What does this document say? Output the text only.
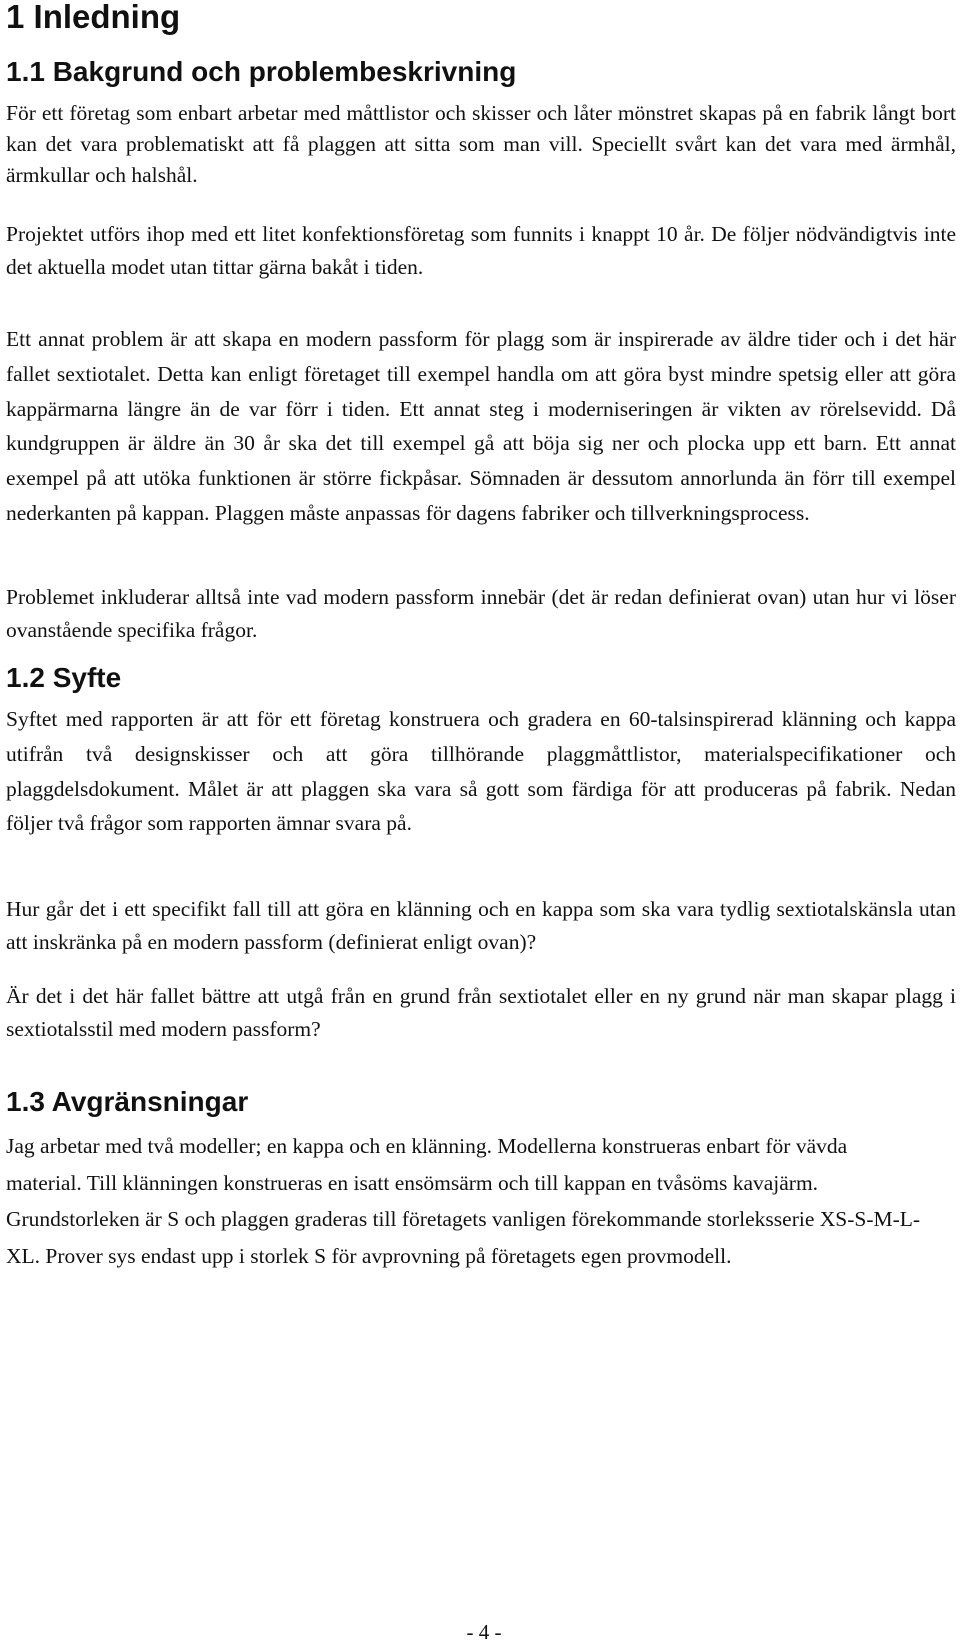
1 Inledning
1.1 Bakgrund och problembeskrivning

För ett företag som enbart arbetar med måttlistor och skisser och låter mönstret skapas på en fabrik långt bort kan det vara problematiskt att få plaggen att sitta som man vill. Speciellt svårt kan det vara med ärmhål, ärmkullar och halshål.

Projektet utförs ihop med ett litet konfektionsföretag som funnits i knappt 10 år. De följer nödvändigtvis inte det aktuella modet utan tittar gärna bakåt i tiden.

Ett annat problem är att skapa en modern passform för plagg som är inspirerade av äldre tider och i det här fallet sextiotalet. Detta kan enligt företaget till exempel handla om att göra byst mindre spetsig eller att göra kappärmarna längre än de var förr i tiden. Ett annat steg i moderniseringen är vikten av rörelsevidd. Då kundgruppen är äldre än 30 år ska det till exempel gå att böja sig ner och plocka upp ett barn. Ett annat exempel på att utöka funktionen är större fickpåsar. Sömnaden är dessutom annorlunda än förr till exempel nederkanten på kappan. Plaggen måste anpassas för dagens fabriker och tillverkningsprocess.

Problemet inkluderar alltså inte vad modern passform innebär (det är redan definierat ovan) utan hur vi löser ovanstående specifika frågor.

1.2 Syfte

Syftet med rapporten är att för ett företag konstruera och gradera en 60-talsinspirerad klänning och kappa utifrån två designskisser och att göra tillhörande plaggmåttlistor, materialspecifikationer och plaggdelsdokument. Målet är att plaggen ska vara så gott som färdiga för att produceras på fabrik. Nedan följer två frågor som rapporten ämnar svara på.

Hur går det i ett specifikt fall till att göra en klänning och en kappa som ska vara tydlig sextiotalskänsla utan att inskränka på en modern passform (definierat enligt ovan)?

Är det i det här fallet bättre att utgå från en grund från sextiotalet eller en ny grund när man skapar plagg i sextiotalsstil med modern passform?

1.3 Avgränsningar

Jag arbetar med två modeller; en kappa och en klänning. Modellerna konstrueras enbart för vävda material. Till klänningen konstrueras en isatt ensömsärm och till kappan en tvåsöms kavajärm. Grundstorleken är S och plaggen graderas till företagets vanligen förekommande storleksserie XS-S-M-L-XL. Prover sys endast upp i storlek S för avprovning på företagets egen provmodell.

- 4 -
